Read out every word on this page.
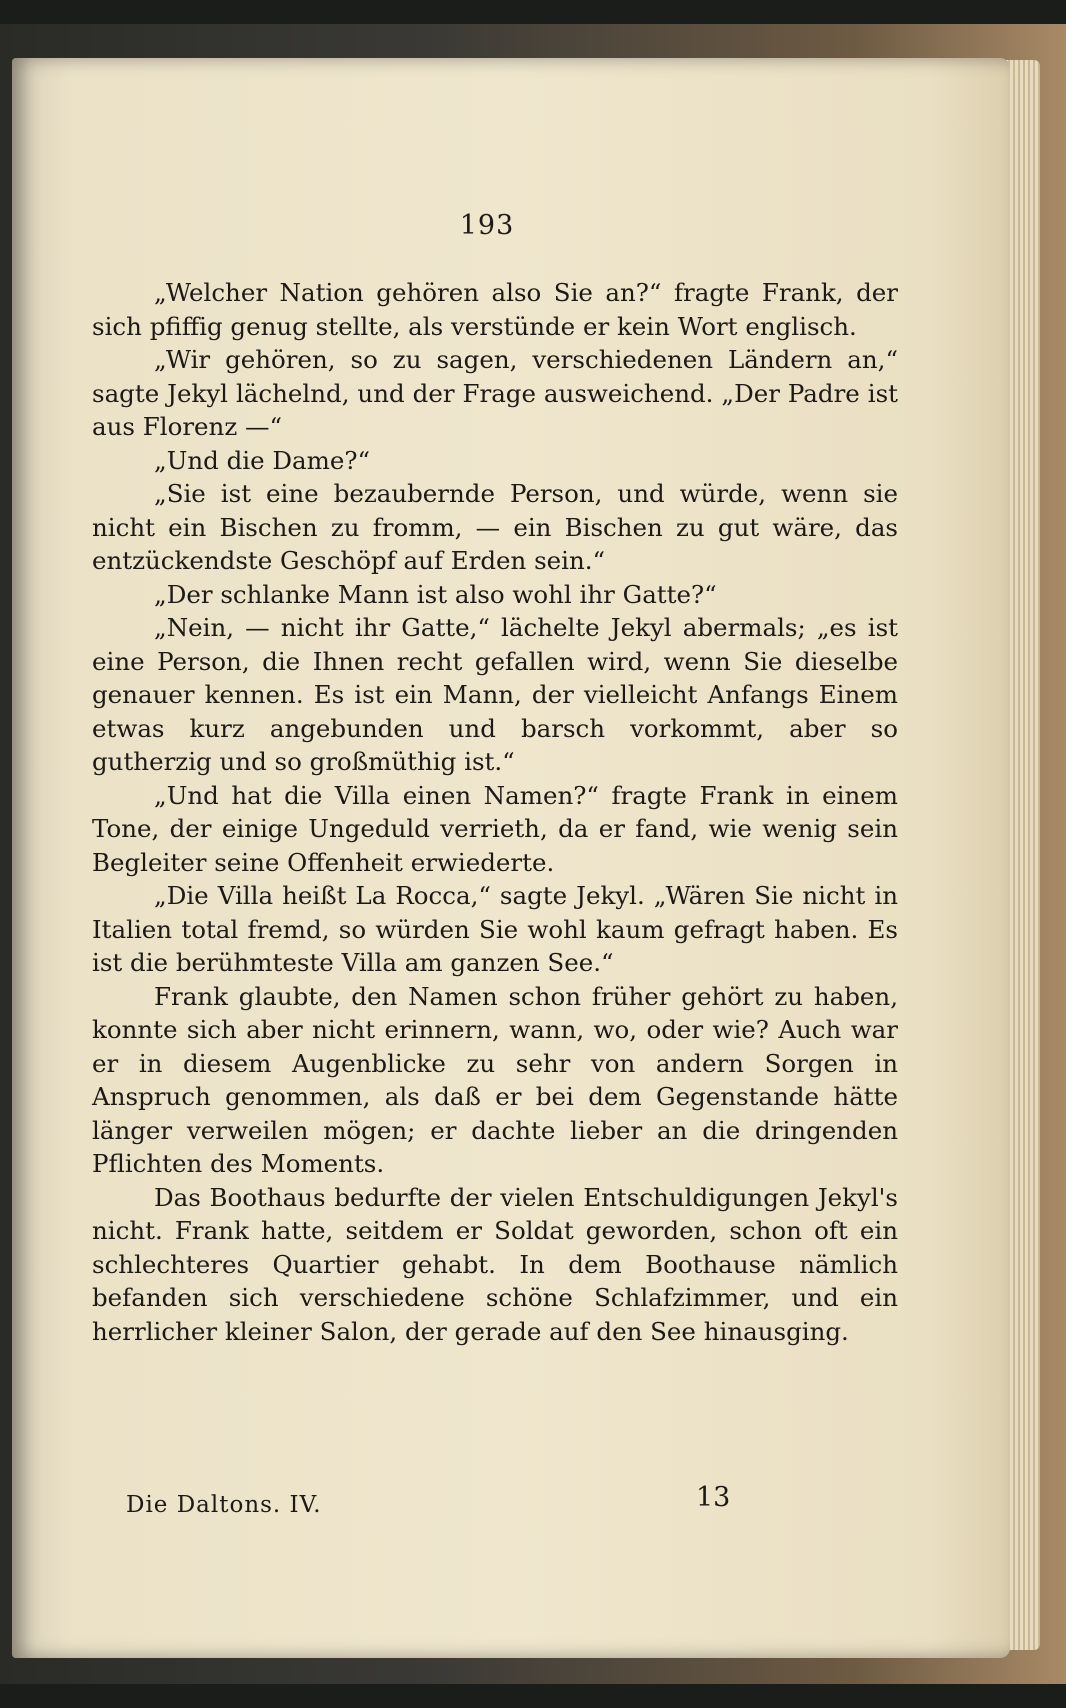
193

„Welcher Nation gehören also Sie an?“ fragte Frank, der sich pfiffig genug stellte, als verstünde er kein Wort englisch.

„Wir gehören, so zu sagen, verschiedenen Ländern an,“ sagte Jekyl lächelnd, und der Frage ausweichend. „Der Padre ist aus Florenz —“

„Und die Dame?“

„Sie ist eine bezaubernde Person, und würde, wenn sie nicht ein Bischen zu fromm, — ein Bischen zu gut wäre, das entzückendste Geschöpf auf Erden sein.“

„Der schlanke Mann ist also wohl ihr Gatte?“

„Nein, — nicht ihr Gatte,“ lächelte Jekyl abermals; „es ist eine Person, die Ihnen recht gefallen wird, wenn Sie dieselbe genauer kennen. Es ist ein Mann, der vielleicht Anfangs Einem etwas kurz angebunden und barsch vorkommt, aber so gutherzig und so großmüthig ist.“

„Und hat die Villa einen Namen?“ fragte Frank in einem Tone, der einige Ungeduld verrieth, da er fand, wie wenig sein Begleiter seine Offenheit erwiederte.

„Die Villa heißt La Rocca,“ sagte Jekyl. „Wären Sie nicht in Italien total fremd, so würden Sie wohl kaum gefragt haben. Es ist die berühmteste Villa am ganzen See.“

Frank glaubte, den Namen schon früher gehört zu haben, konnte sich aber nicht erinnern, wann, wo, oder wie? Auch war er in diesem Augenblicke zu sehr von andern Sorgen in Anspruch genommen, als daß er bei dem Gegenstande hätte länger verweilen mögen; er dachte lieber an die dringenden Pflichten des Moments.

Das Boothaus bedurfte der vielen Entschuldigungen Jekyl's nicht. Frank hatte, seitdem er Soldat geworden, schon oft ein schlechteres Quartier gehabt. In dem Boothause nämlich befanden sich verschiedene schöne Schlafzimmer, und ein herrlicher kleiner Salon, der gerade auf den See hinausging.

Die Daltons. IV.	13
